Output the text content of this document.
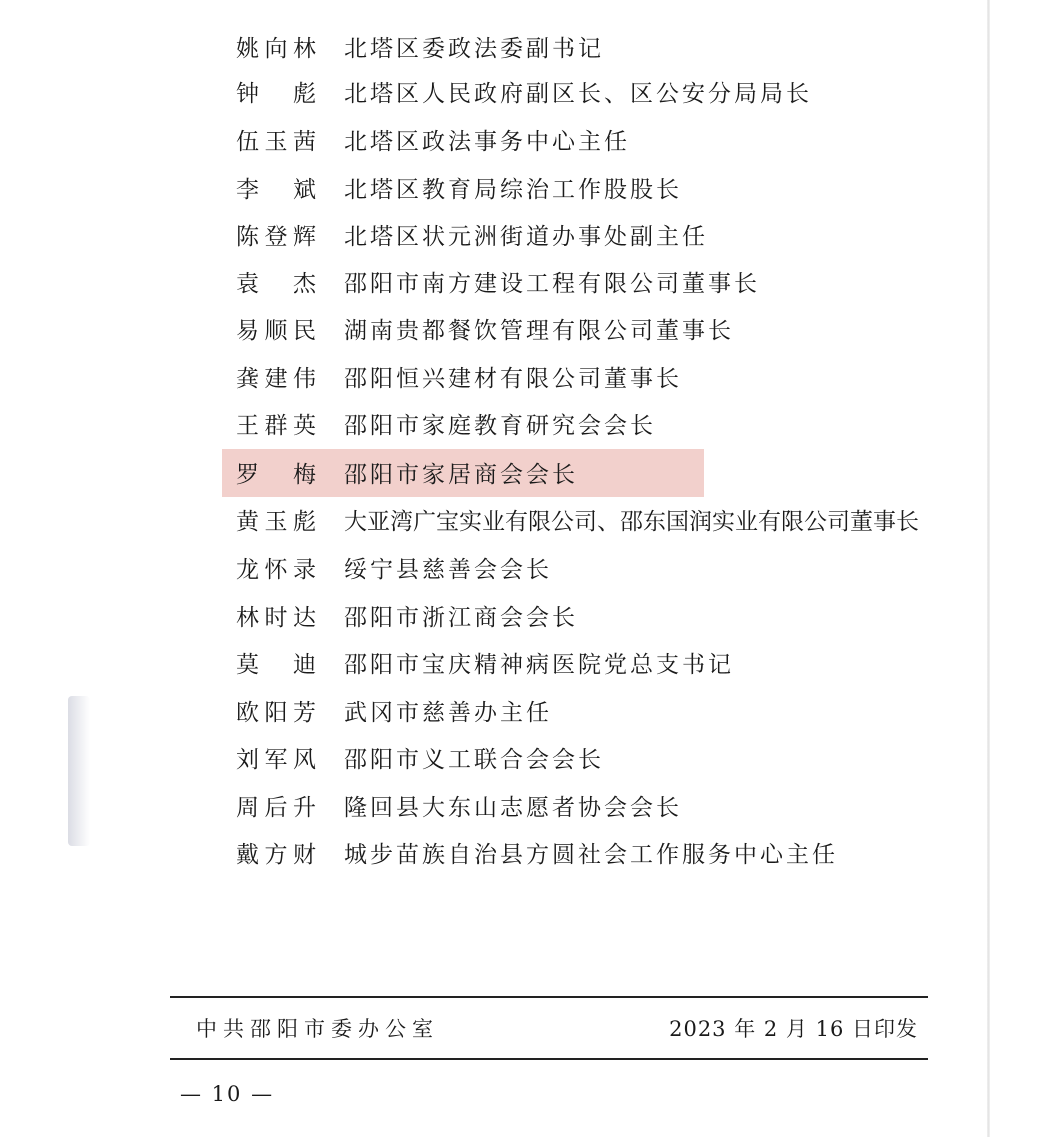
姚 向 林 北塔区委政法委副书记
钟 彪 北塔区人民政府副区长、区公安分局局长
伍 玉 茜 北塔区政法事务中心主任
李 斌 北塔区教育局综治工作股股长
陈 登 辉 北塔区状元洲街道办事处副主任
袁 杰 邵阳市南方建设工程有限公司董事长
易 顺 民 湖南贵都餐饮管理有限公司董事长
龚 建 伟 邵阳恒兴建材有限公司董事长
王 群 英 邵阳市家庭教育研究会会长
罗 梅 邵阳市家居商会会长
黄 玉 彪 大亚湾广宝实业有限公司、邵东国润实业有限公司董事长
龙 怀 录 绥宁县慈善会会长
林 时 达 邵阳市浙江商会会长
莫 迪 邵阳市宝庆精神病医院党总支书记
欧 阳 芳 武冈市慈善办主任
刘 军 风 邵阳市义工联合会会长
周 后 升 隆回县大东山志愿者协会会长
戴 方 财 城步苗族自治县方圆社会工作服务中心主任
中共邵阳市委办公室	2023 年 2 月 16 日印发
— 10 —
